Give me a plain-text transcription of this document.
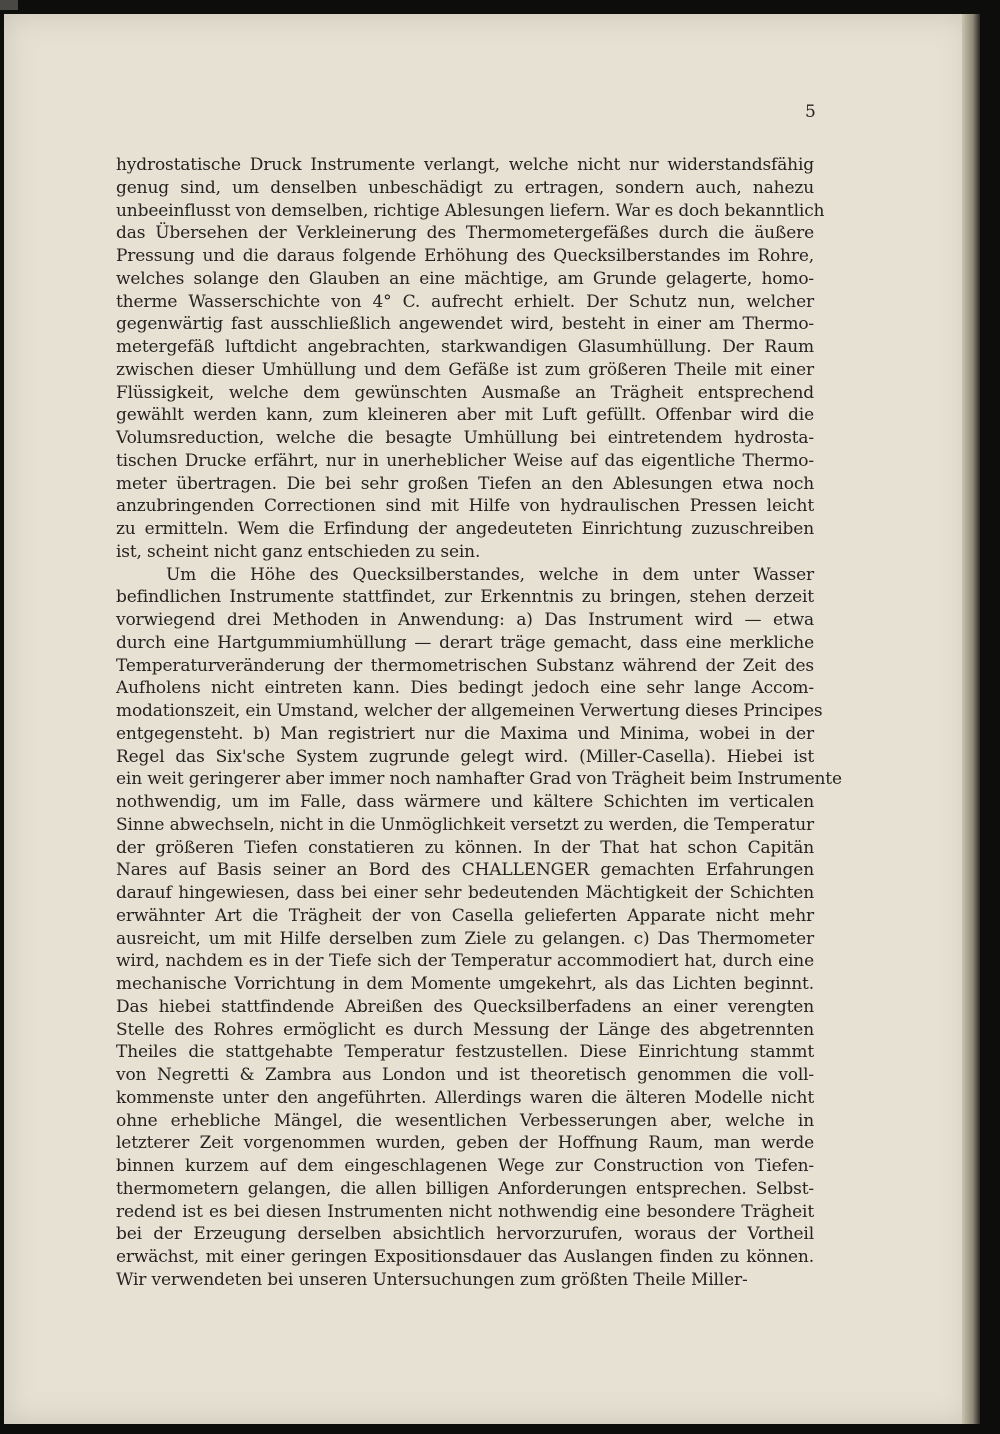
5
hydrostatische Druck Instrumente verlangt, welche nicht nur widerstandsfähig
genug sind, um denselben unbeschädigt zu ertragen, sondern auch, nahezu
unbeeinflusst von demselben, richtige Ablesungen liefern. War es doch bekanntlich
das Übersehen der Verkleinerung des Thermometergefäßes durch die äußere
Pressung und die daraus folgende Erhöhung des Quecksilberstandes im Rohre,
welches solange den Glauben an eine mächtige, am Grunde gelagerte, homo-
therme Wasserschichte von 4° C. aufrecht erhielt. Der Schutz nun, welcher
gegenwärtig fast ausschließlich angewendet wird, besteht in einer am Thermo-
metergefäß luftdicht angebrachten, starkwandigen Glasumhüllung. Der Raum
zwischen dieser Umhüllung und dem Gefäße ist zum größeren Theile mit einer
Flüssigkeit, welche dem gewünschten Ausmaße an Trägheit entsprechend
gewählt werden kann, zum kleineren aber mit Luft gefüllt. Offenbar wird die
Volumsreduction, welche die besagte Umhüllung bei eintretendem hydrosta-
tischen Drucke erfährt, nur in unerheblicher Weise auf das eigentliche Thermo-
meter übertragen. Die bei sehr großen Tiefen an den Ablesungen etwa noch
anzubringenden Correctionen sind mit Hilfe von hydraulischen Pressen leicht
zu ermitteln. Wem die Erfindung der angedeuteten Einrichtung zuzuschreiben
ist, scheint nicht ganz entschieden zu sein.
Um die Höhe des Quecksilberstandes, welche in dem unter Wasser
befindlichen Instrumente stattfindet, zur Erkenntnis zu bringen, stehen derzeit
vorwiegend drei Methoden in Anwendung: a) Das Instrument wird — etwa
durch eine Hartgummiumhüllung — derart träge gemacht, dass eine merkliche
Temperaturveränderung der thermometrischen Substanz während der Zeit des
Aufholens nicht eintreten kann. Dies bedingt jedoch eine sehr lange Accom-
modationszeit, ein Umstand, welcher der allgemeinen Verwertung dieses Principes
entgegensteht. b) Man registriert nur die Maxima und Minima, wobei in der
Regel das Six'sche System zugrunde gelegt wird. (Miller-Casella). Hiebei ist
ein weit geringerer aber immer noch namhafter Grad von Trägheit beim Instrumente
nothwendig, um im Falle, dass wärmere und kältere Schichten im verticalen
Sinne abwechseln, nicht in die Unmöglichkeit versetzt zu werden, die Temperatur
der größeren Tiefen constatieren zu können. In der That hat schon Capitän
Nares auf Basis seiner an Bord des CHALLENGER gemachten Erfahrungen
darauf hingewiesen, dass bei einer sehr bedeutenden Mächtigkeit der Schichten
erwähnter Art die Trägheit der von Casella gelieferten Apparate nicht mehr
ausreicht, um mit Hilfe derselben zum Ziele zu gelangen. c) Das Thermometer
wird, nachdem es in der Tiefe sich der Temperatur accommodiert hat, durch eine
mechanische Vorrichtung in dem Momente umgekehrt, als das Lichten beginnt.
Das hiebei stattfindende Abreißen des Quecksilberfadens an einer verengten
Stelle des Rohres ermöglicht es durch Messung der Länge des abgetrennten
Theiles die stattgehabte Temperatur festzustellen. Diese Einrichtung stammt
von Negretti & Zambra aus London und ist theoretisch genommen die voll-
kommenste unter den angeführten. Allerdings waren die älteren Modelle nicht
ohne erhebliche Mängel, die wesentlichen Verbesserungen aber, welche in
letzterer Zeit vorgenommen wurden, geben der Hoffnung Raum, man werde
binnen kurzem auf dem eingeschlagenen Wege zur Construction von Tiefen-
thermometern gelangen, die allen billigen Anforderungen entsprechen. Selbst-
redend ist es bei diesen Instrumenten nicht nothwendig eine besondere Trägheit
bei der Erzeugung derselben absichtlich hervorzurufen, woraus der Vortheil
erwächst, mit einer geringen Expositionsdauer das Auslangen finden zu können.
Wir verwendeten bei unseren Untersuchungen zum größten Theile Miller-
